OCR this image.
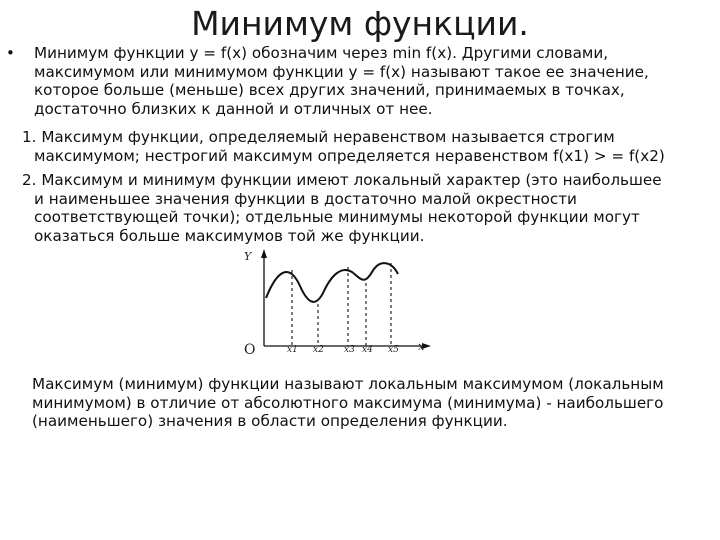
Минимум функции.
• Минимум функции y = f(x) обозначим через min f(x). Другими словами,
максимумом или минимумом функции y = f(x) называют такое ее значение,
которое больше (меньше) всех других значений, принимаемых в точках,
достаточно близких к данной и отличных от нее.
1. Максимум функции, определяемый неравенством называется строгим
максимумом; нестрогий максимум определяется неравенством f(x1) > = f(x2)
2. Максимум и минимум функции имеют локальный характер (это наибольшее
и наименьшее значения функции в достаточно малой окрестности
соответствующей точки); отдельные минимумы некоторой функции могут
оказаться больше максимумов той же функции.
Y
O	x
x1 x2 x3 x4 x5
Максимум (минимум) функции называют локальным максимумом (локальным
минимумом) в отличие от абсолютного максимума (минимума) - наибольшего
(наименьшего) значения в области определения функции.
